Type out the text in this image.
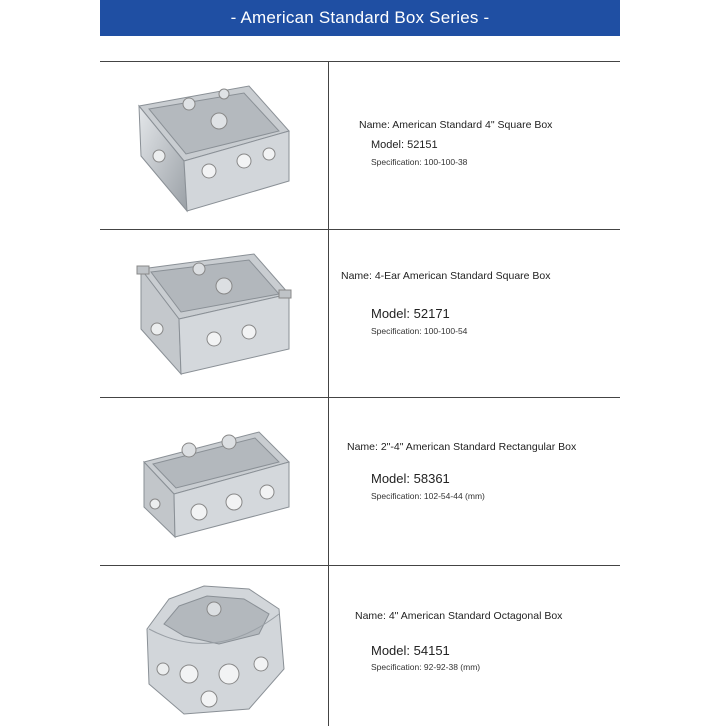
- American Standard Box Series -
Name: American Standard 4" Square Box
Model: 52151
Specification: 100-100-38
Name: 4-Ear American Standard Square Box
Model: 52171
Specification: 100-100-54
Name: 2"-4" American Standard Rectangular Box
Model: 58361
Specification: 102-54-44 (mm)
Name: 4" American Standard Octagonal Box
Model: 54151
Specification: 92-92-38 (mm)
